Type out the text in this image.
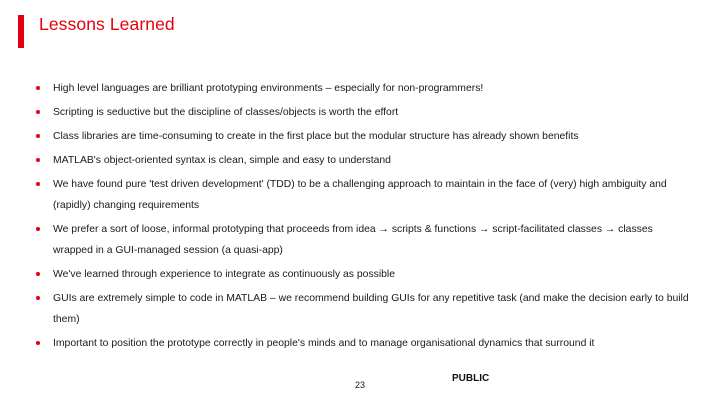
Lessons Learned
High level languages are brilliant prototyping environments – especially for non-programmers!
Scripting is seductive but the discipline of classes/objects is worth the effort
Class libraries are time-consuming to create in the first place but the modular structure has already shown benefits
MATLAB's object-oriented syntax is clean, simple and easy to understand
We have found pure 'test driven development' (TDD) to be a challenging approach to maintain in the face of (very) high ambiguity and (rapidly) changing requirements
We prefer a sort of loose, informal prototyping that proceeds from idea → scripts & functions → script-facilitated classes → classes wrapped in a GUI-managed session (a quasi-app)
We've learned through experience to integrate as continuously as possible
GUIs are extremely simple to code in MATLAB – we recommend building GUIs for any repetitive task (and make the decision early to build them)
Important to position the prototype correctly in people's minds and to manage organisational dynamics that surround it
23
PUBLIC
